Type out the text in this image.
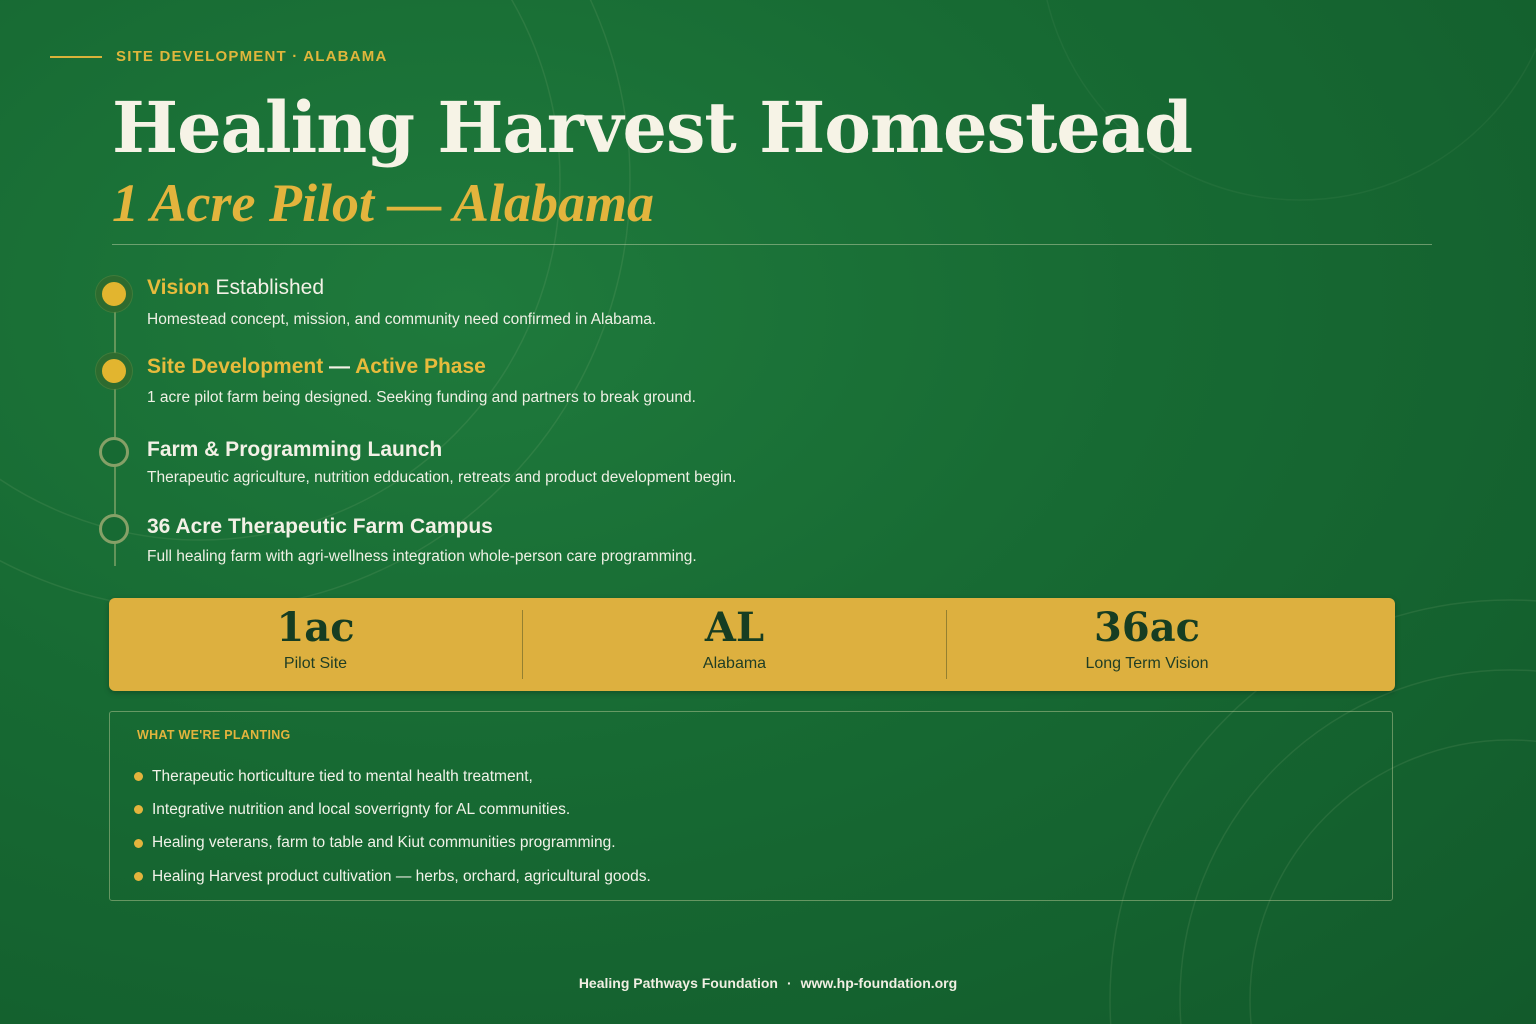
SITE DEVELOPMENT · ALABAMA
Healing Harvest Homestead
1 Acre Pilot — Alabama
Vision Established
Homestead concept, mission, and community need confirmed in Alabama.
Site Development — Active Phase
1 acre pilot farm being designed. Seeking funding and partners to break ground.
Farm & Programming Launch
Therapeutic agriculture, nutrition edducation, retreats and product development begin.
36 Acre Therapeutic Farm Campus
Full healing farm with agri-wellness integration whole-person care programming.
1ac
Pilot Site
AL
Alabama
36ac
Long Term Vision
WHAT WE'RE PLANTING
Therapeutic horticulture tied to mental health treatment,
Integrative nutrition and local soverrignty for AL communities.
Healing veterans, farm to table and Kiut communities programming.
Healing Harvest product cultivation — herbs, orchard, agricultural goods.
Healing Pathways Foundation · www.hp-foundation.org
